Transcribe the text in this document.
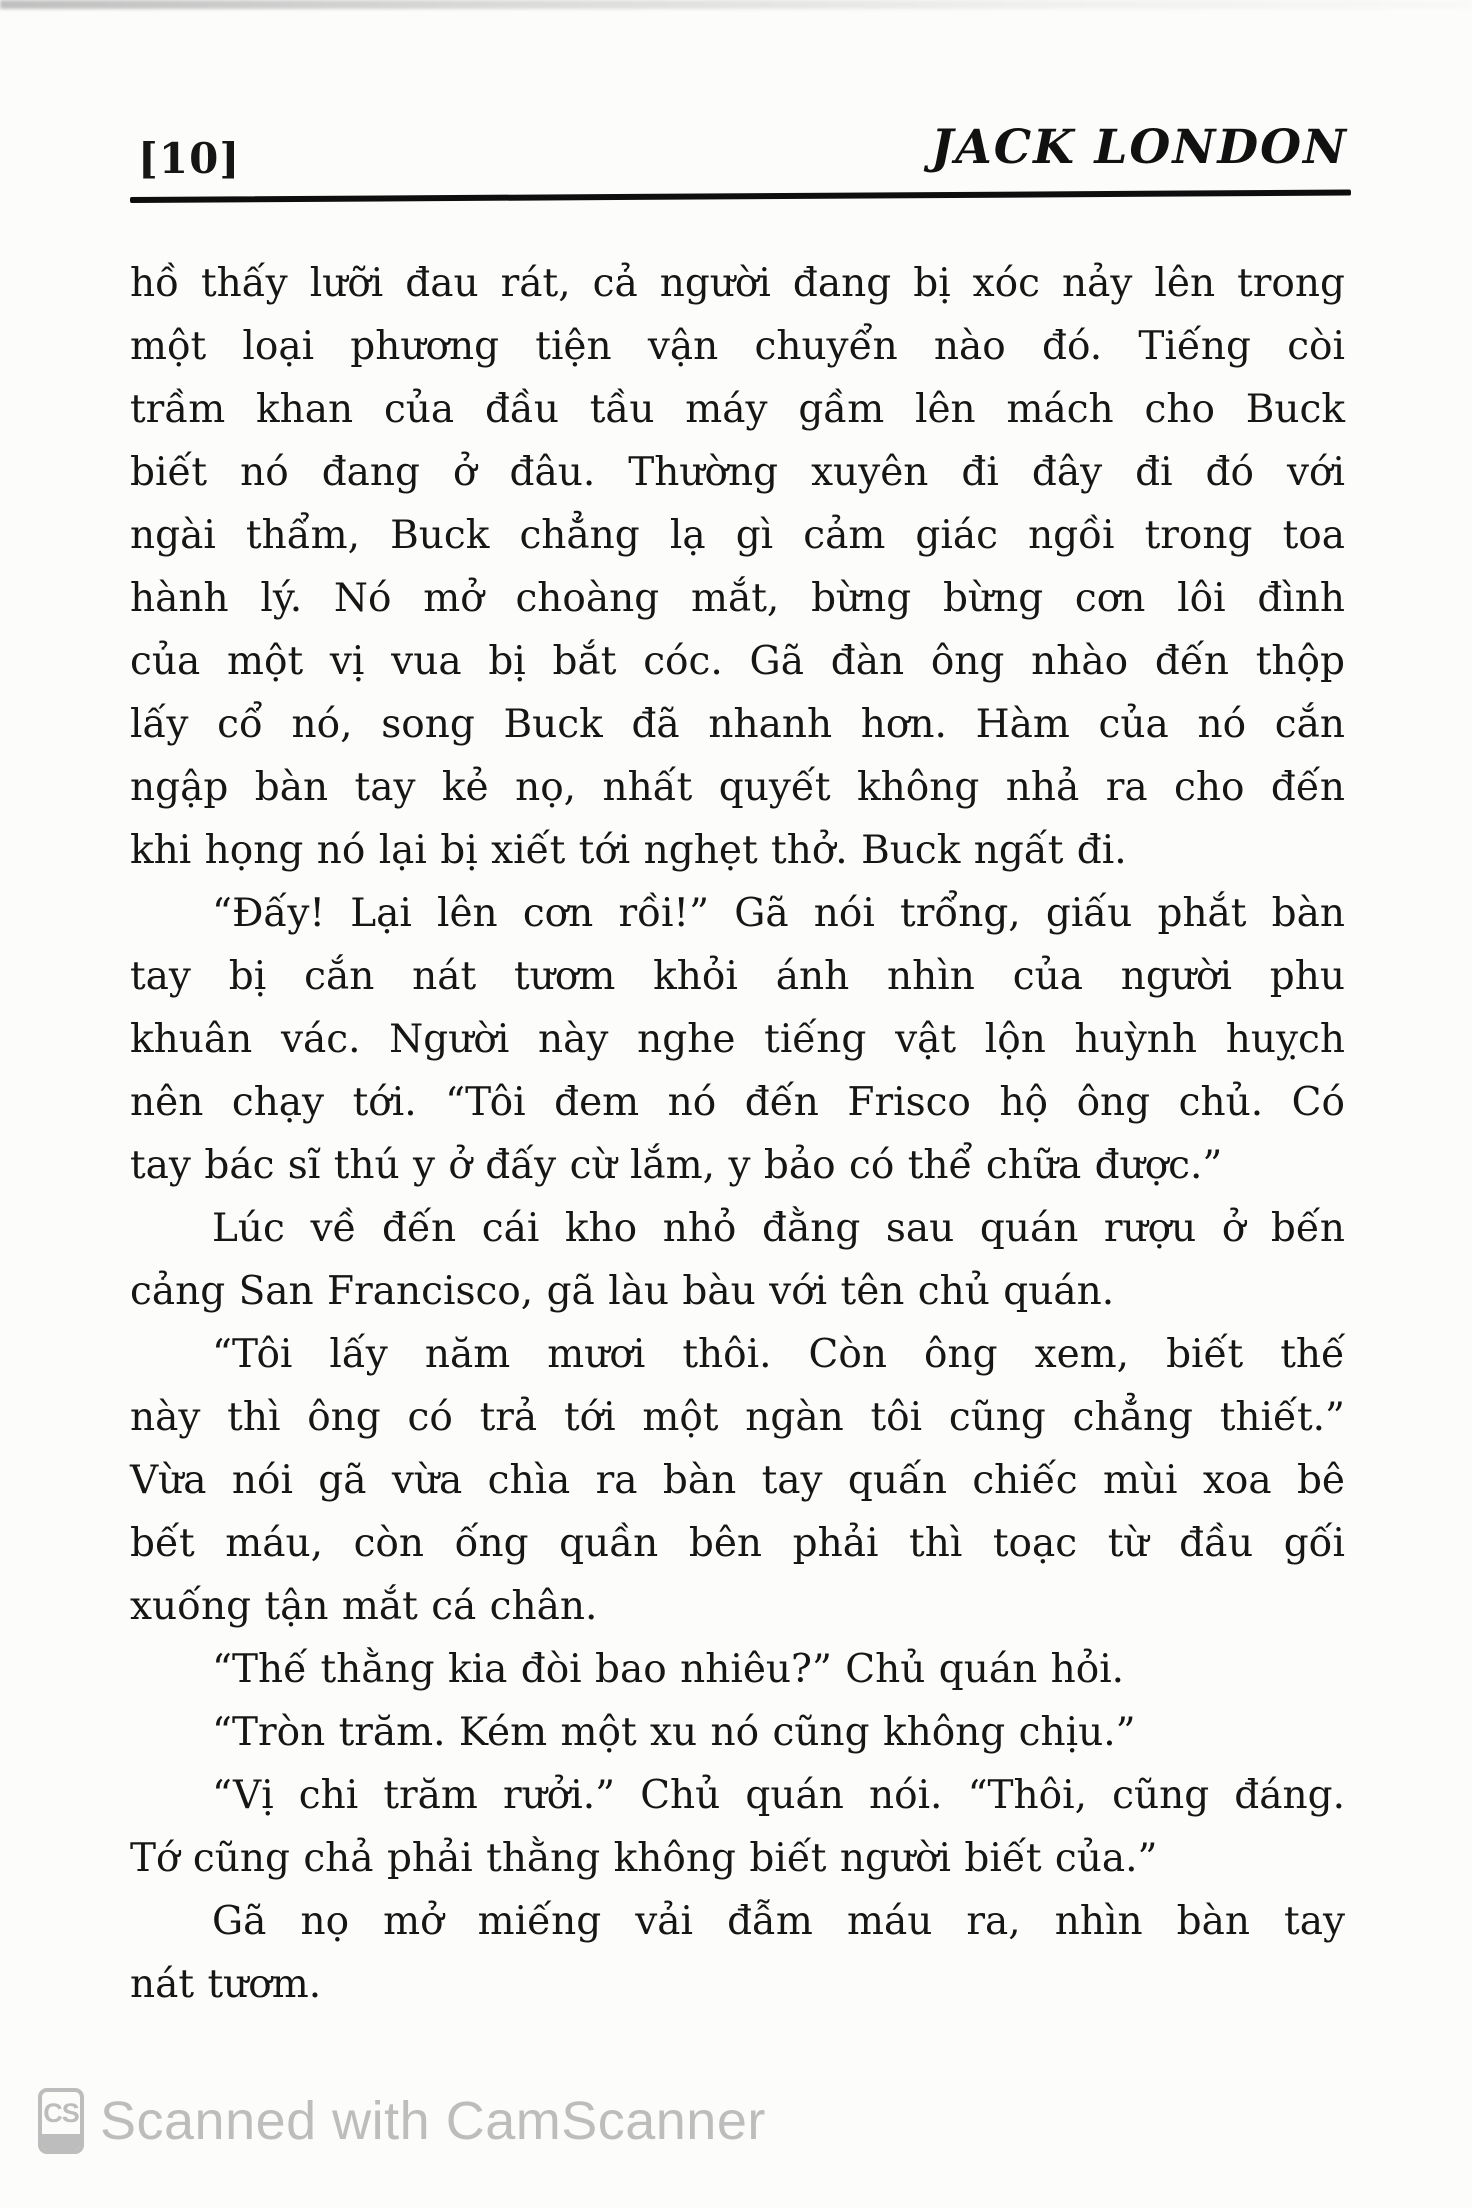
[10]	JACK LONDON
hồ thấy lưỡi đau rát, cả người đang bị xóc nảy lên trong
một loại phương tiện vận chuyển nào đó. Tiếng còi
trầm khan của đầu tầu máy gầm lên mách cho Buck
biết nó đang ở đâu. Thường xuyên đi đây đi đó với
ngài thẩm, Buck chẳng lạ gì cảm giác ngồi trong toa
hành lý. Nó mở choàng mắt, bừng bừng cơn lôi đình
của một vị vua bị bắt cóc. Gã đàn ông nhào đến thộp
lấy cổ nó, song Buck đã nhanh hơn. Hàm của nó cắn
ngập bàn tay kẻ nọ, nhất quyết không nhả ra cho đến
khi họng nó lại bị xiết tới nghẹt thở. Buck ngất đi.
“Đấy! Lại lên cơn rồi!” Gã nói trổng, giấu phắt bàn
tay bị cắn nát tươm khỏi ánh nhìn của người phu
khuân vác. Người này nghe tiếng vật lộn huỳnh huỵch
nên chạy tới. “Tôi đem nó đến Frisco hộ ông chủ. Có
tay bác sĩ thú y ở đấy cừ lắm, y bảo có thể chữa được.”
Lúc về đến cái kho nhỏ đằng sau quán rượu ở bến
cảng San Francisco, gã làu bàu với tên chủ quán.
“Tôi lấy năm mươi thôi. Còn ông xem, biết thế
này thì ông có trả tới một ngàn tôi cũng chẳng thiết.”
Vừa nói gã vừa chìa ra bàn tay quấn chiếc mùi xoa bê
bết máu, còn ống quần bên phải thì toạc từ đầu gối
xuống tận mắt cá chân.
“Thế thằng kia đòi bao nhiêu?” Chủ quán hỏi.
“Tròn trăm. Kém một xu nó cũng không chịu.”
“Vị chi trăm rưởi.” Chủ quán nói. “Thôi, cũng đáng.
Tớ cũng chả phải thằng không biết người biết của.”
Gã nọ mở miếng vải đẫm máu ra, nhìn bàn tay
nát tươm.
CS Scanned with CamScanner
